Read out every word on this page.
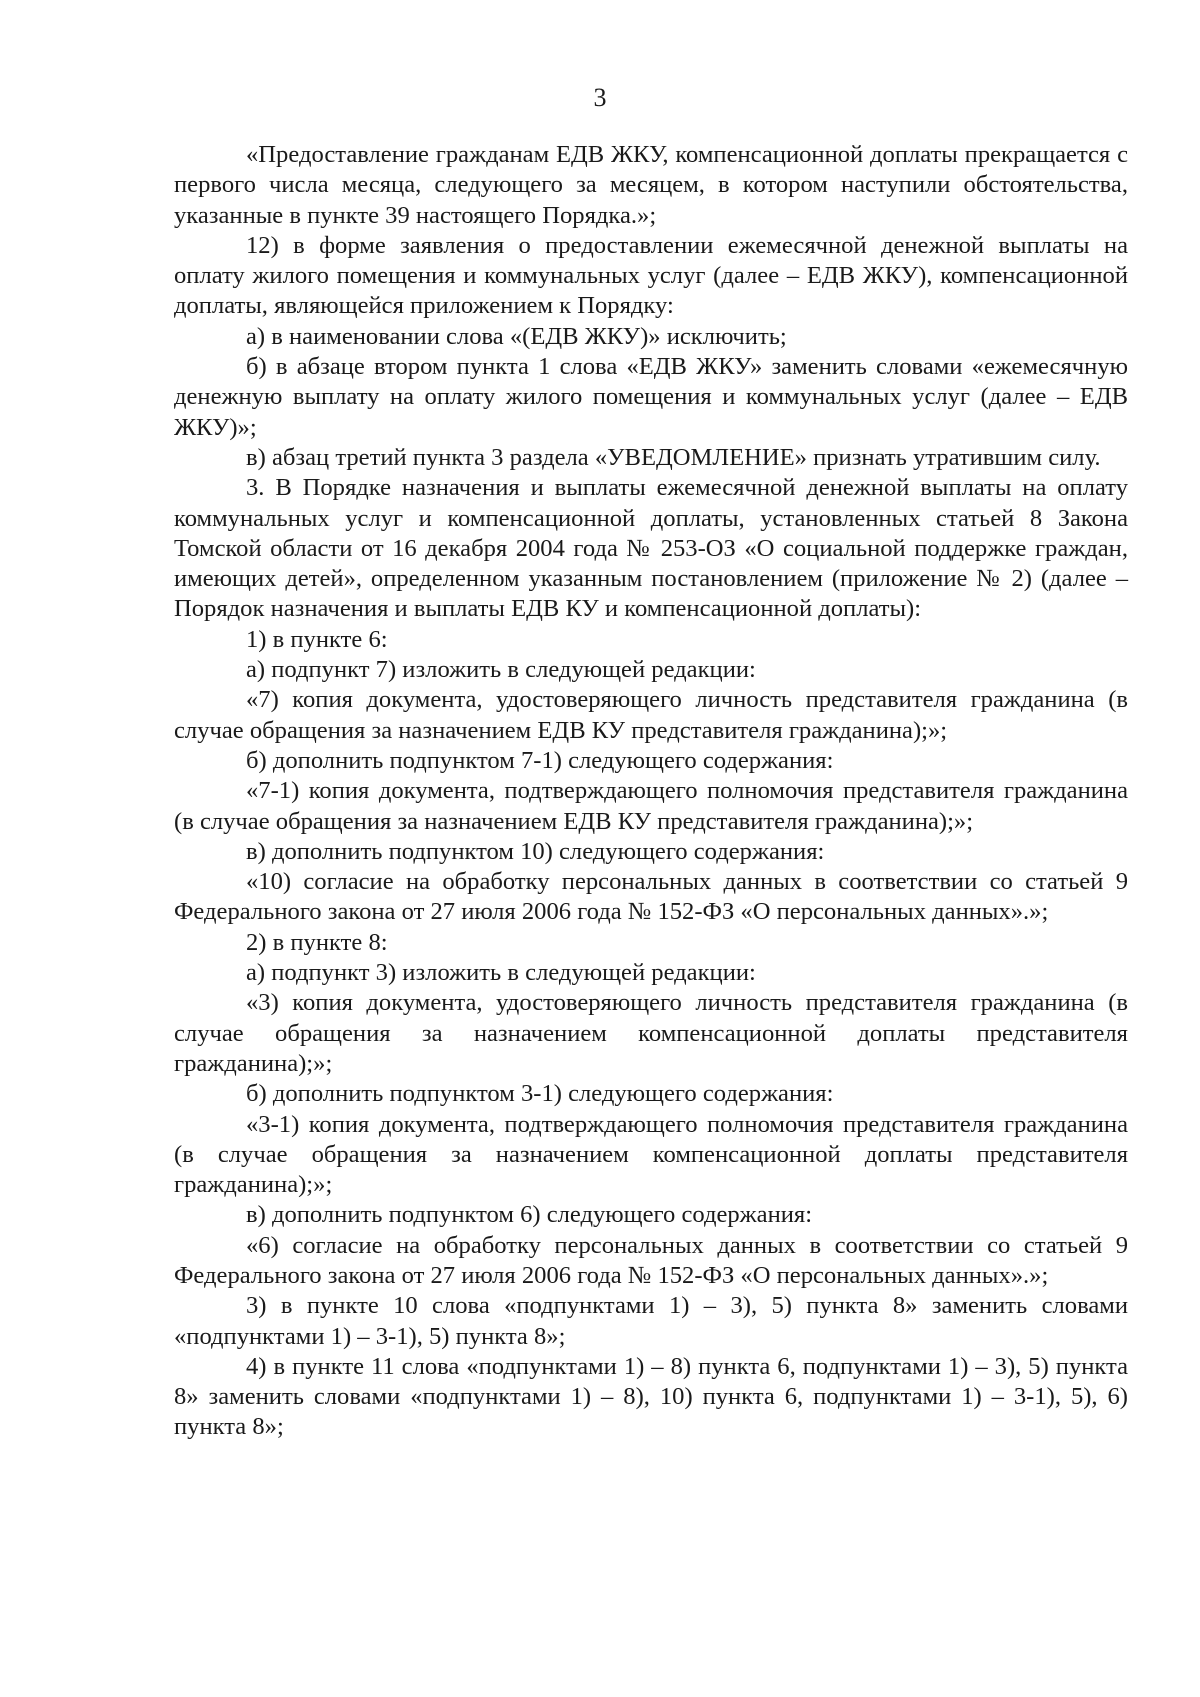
3

«Предоставление гражданам ЕДВ ЖКУ, компенсационной доплаты прекращается с первого числа месяца, следующего за месяцем, в котором наступили обстоятельства, указанные в пункте 39 настоящего Порядка.»;

12) в форме заявления о предоставлении ежемесячной денежной выплаты на оплату жилого помещения и коммунальных услуг (далее – ЕДВ ЖКУ), компенсационной доплаты, являющейся приложением к Порядку:

а) в наименовании слова «(ЕДВ ЖКУ)» исключить;

б) в абзаце втором пункта 1 слова «ЕДВ ЖКУ» заменить словами «ежемесячную денежную выплату на оплату жилого помещения и коммунальных услуг (далее – ЕДВ ЖКУ)»;

в) абзац третий пункта 3 раздела «УВЕДОМЛЕНИЕ» признать утратившим силу.

3. В Порядке назначения и выплаты ежемесячной денежной выплаты на оплату коммунальных услуг и компенсационной доплаты, установленных статьей 8 Закона Томской области от 16 декабря 2004 года № 253-ОЗ «О социальной поддержке граждан, имеющих детей», определенном указанным постановлением (приложение № 2) (далее – Порядок назначения и выплаты ЕДВ КУ и компенсационной доплаты):

1) в пункте 6:

а) подпункт 7) изложить в следующей редакции:

«7) копия документа, удостоверяющего личность представителя гражданина (в случае обращения за назначением ЕДВ КУ представителя гражданина);»;

б) дополнить подпунктом 7-1) следующего содержания:

«7-1) копия документа, подтверждающего полномочия представителя гражданина (в случае обращения за назначением ЕДВ КУ представителя гражданина);»;

в) дополнить подпунктом 10) следующего содержания:

«10) согласие на обработку персональных данных в соответствии со статьей 9 Федерального закона от 27 июля 2006 года № 152-ФЗ «О персональных данных».»;

2) в пункте 8:

а) подпункт 3) изложить в следующей редакции:

«3) копия документа, удостоверяющего личность представителя гражданина (в случае обращения за назначением компенсационной доплаты представителя гражданина);»;

б) дополнить подпунктом 3-1) следующего содержания:

«3-1) копия документа, подтверждающего полномочия представителя гражданина (в случае обращения за назначением компенсационной доплаты представителя гражданина);»;

в) дополнить подпунктом 6) следующего содержания:

«6) согласие на обработку персональных данных в соответствии со статьей 9 Федерального закона от 27 июля 2006 года № 152-ФЗ «О персональных данных».»;

3) в пункте 10 слова «подпунктами 1) – 3), 5) пункта 8» заменить словами «подпунктами 1) – 3-1), 5) пункта 8»;

4) в пункте 11 слова «подпунктами 1) – 8) пункта 6, подпунктами 1) – 3), 5) пункта 8» заменить словами «подпунктами 1) – 8), 10) пункта 6, подпунктами 1) – 3-1), 5), 6) пункта 8»;
